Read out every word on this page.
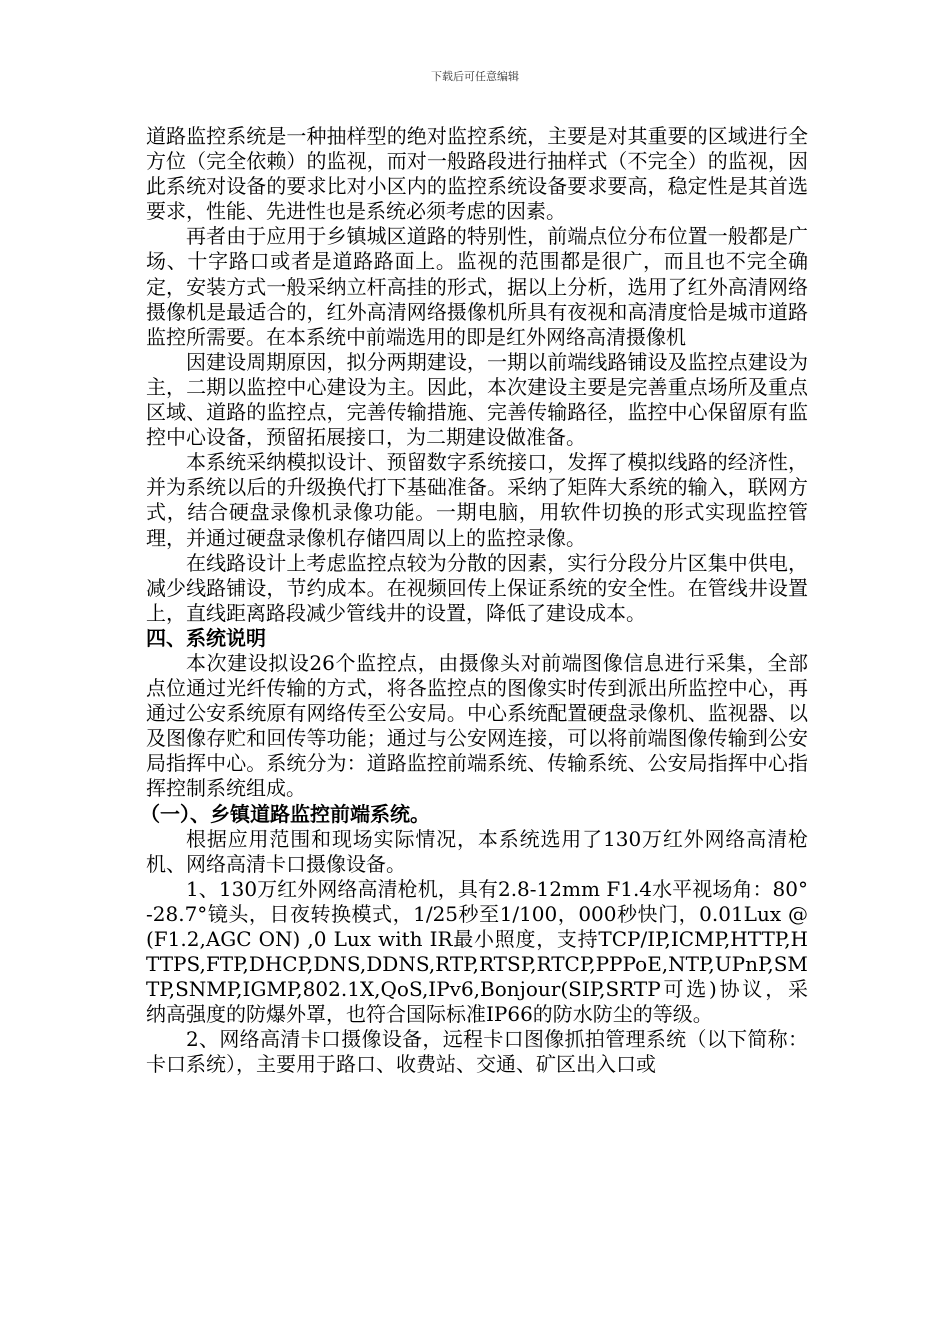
下载后可任意编辑

道路监控系统是一种抽样型的绝对监控系统，主要是对其重要的区域进行全方位（完全依赖）的监视，而对一般路段进行抽样式（不完全）的监视，因此系统对设备的要求比对小区内的监控系统设备要求要高，稳定性是其首选要求，性能、先进性也是系统必须考虑的因素。

再者由于应用于乡镇城区道路的特别性，前端点位分布位置一般都是广场、十字路口或者是道路路面上。监视的范围都是很广，而且也不完全确定，安装方式一般采纳立杆高挂的形式，据以上分析，选用了红外高清网络摄像机是最适合的，红外高清网络摄像机所具有夜视和高清度恰是城市道路监控所需要。在本系统中前端选用的即是红外网络高清摄像机

因建设周期原因，拟分两期建设，一期以前端线路铺设及监控点建设为主，二期以监控中心建设为主。因此，本次建设主要是完善重点场所及重点区域、道路的监控点，完善传输措施、完善传输路径，监控中心保留原有监控中心设备，预留拓展接口，为二期建设做准备。

本系统采纳模拟设计、预留数字系统接口，发挥了模拟线路的经济性，并为系统以后的升级换代打下基础准备。采纳了矩阵大系统的输入，联网方式，结合硬盘录像机录像功能。一期电脑，用软件切换的形式实现监控管理，并通过硬盘录像机存储四周以上的监控录像。

在线路设计上考虑监控点较为分散的因素，实行分段分片区集中供电，减少线路铺设，节约成本。在视频回传上保证系统的安全性。在管线井设置上，直线距离路段减少管线井的设置，降低了建设成本。

四、系统说明

本次建设拟设26个监控点，由摄像头对前端图像信息进行采集，全部点位通过光纤传输的方式，将各监控点的图像实时传到派出所监控中心，再通过公安系统原有网络传至公安局。中心系统配置硬盘录像机、监视器、以及图像存贮和回传等功能；通过与公安网连接，可以将前端图像传输到公安局指挥中心。系统分为：道路监控前端系统、传输系统、公安局指挥中心指挥控制系统组成。

（一）、乡镇道路监控前端系统。

根据应用范围和现场实际情况，本系统选用了130万红外网络高清枪机、网络高清卡口摄像设备。

1、130万红外网络高清枪机，具有2.8-12mm F1.4水平视场角：80°-28.7°镜头，日夜转换模式，1/25秒至1/100，000秒快门，0.01Lux @(F1.2,AGC ON) ,0 Lux with IR最小照度，支持TCP/IP,ICMP,HTTP,HTTPS,FTP,DHCP,DNS,DDNS,RTP,RTSP,RTCP,PPPoE,NTP,UPnP,SMTP,SNMP,IGMP,802.1X,QoS,IPv6,Bonjour(SIP,SRTP可选)协议，采纳高强度的防爆外罩，也符合国际标准IP66的防水防尘的等级。

2、网络高清卡口摄像设备，远程卡口图像抓拍管理系统（以下简称：卡口系统），主要用于路口、收费站、交通、矿区出入口或
